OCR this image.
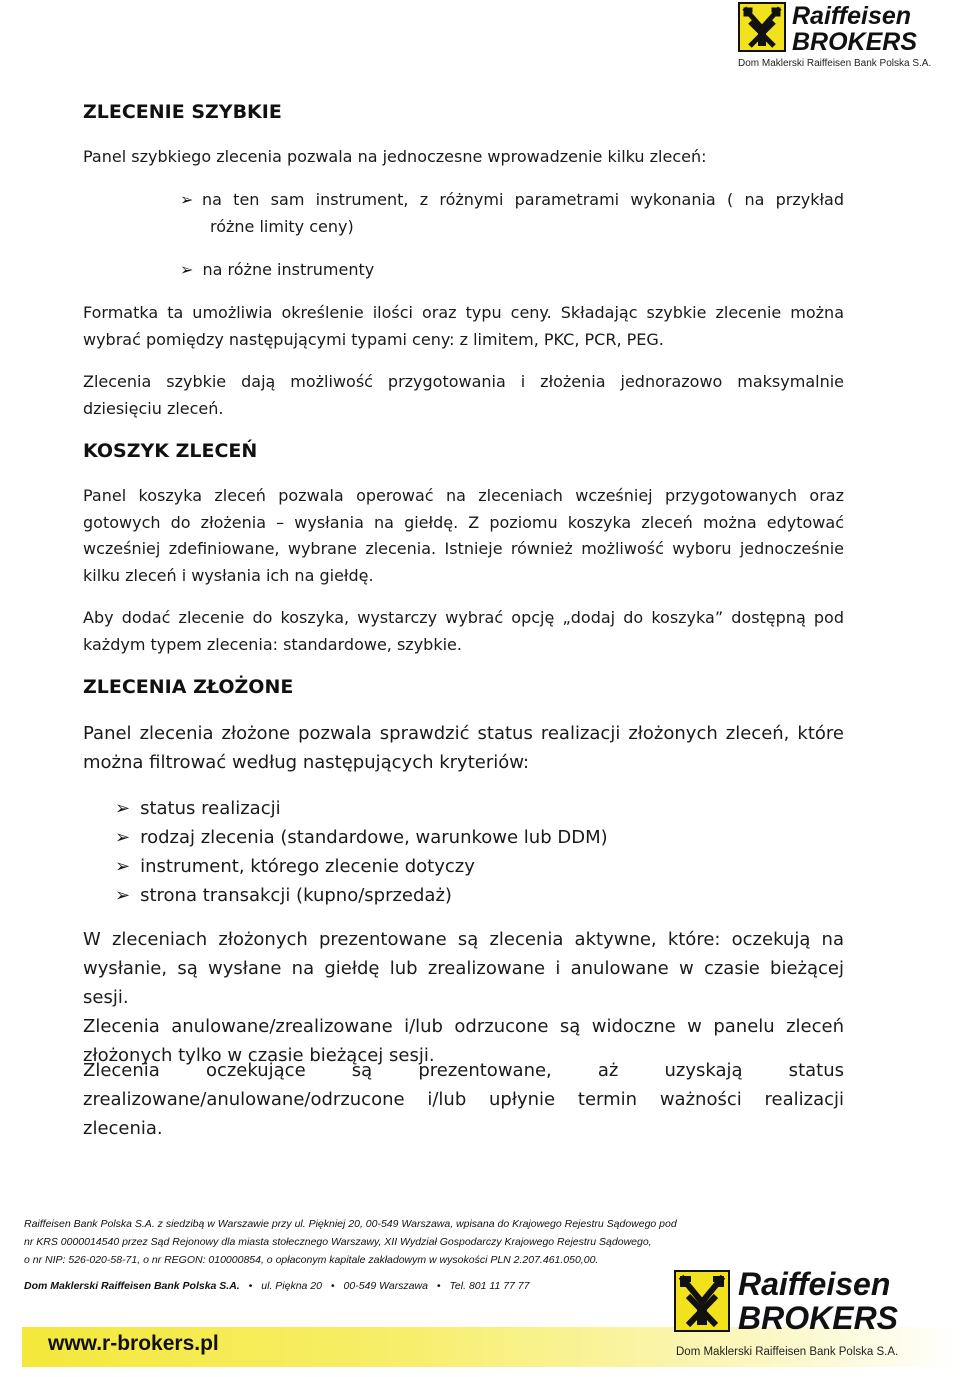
Raiffeisen
BROKERS
Dom Maklerski Raiffeisen Bank Polska S.A.
ZLECENIE SZYBKIE
Panel szybkiego zlecenia pozwala na jednoczesne wprowadzenie kilku zleceń:
➢ na ten sam instrument, z różnymi parametrami wykonania ( na przykład
różne limity ceny)
➢ na różne instrumenty
Formatka ta umożliwia określenie ilości oraz typu ceny. Składając szybkie zlecenie można
wybrać pomiędzy następującymi typami ceny: z limitem, PKC, PCR, PEG.
Zlecenia szybkie dają możliwość przygotowania i złożenia jednorazowo maksymalnie
dziesięciu zleceń.
KOSZYK ZLECEŃ
Panel koszyka zleceń pozwala operować na zleceniach wcześniej przygotowanych oraz
gotowych do złożenia – wysłania na giełdę. Z poziomu koszyka zleceń można edytować
wcześniej zdefiniowane, wybrane zlecenia. Istnieje również możliwość wyboru jednocześnie
kilku zleceń i wysłania ich na giełdę.
Aby dodać zlecenie do koszyka, wystarczy wybrać opcję „dodaj do koszyka” dostępną pod
każdym typem zlecenia: standardowe, szybkie.
ZLECENIA ZŁOŻONE
Panel zlecenia złożone pozwala sprawdzić status realizacji złożonych zleceń, które
można filtrować według następujących kryteriów:
➢ status realizacji
➢ rodzaj zlecenia (standardowe, warunkowe lub DDM)
➢ instrument, którego zlecenie dotyczy
➢ strona transakcji (kupno/sprzedaż)
W zleceniach złożonych prezentowane są zlecenia aktywne, które: oczekują na
wysłanie, są wysłane na giełdę lub zrealizowane i anulowane w czasie bieżącej sesji.
Zlecenia anulowane/zrealizowane i/lub odrzucone są widoczne w panelu zleceń
złożonych tylko w czasie bieżącej sesji.
Zlecenia oczekujące są prezentowane, aż uzyskają status
zrealizowane/anulowane/odrzucone i/lub upłynie termin ważności realizacji
zlecenia.
Raiffeisen Bank Polska S.A. z siedzibą w Warszawie przy ul. Piękniej 20, 00-549 Warszawa, wpisana do Krajowego Rejestru Sądowego pod
nr KRS 0000014540 przez Sąd Rejonowy dla miasta stołecznego Warszawy, XII Wydział Gospodarczy Krajowego Rejestru Sądowego,
o nr NIP: 526-020-58-71, o nr REGON: 010000854, o opłaconym kapitale zakładowym w wysokości PLN 2.207.461.050,00.
Dom Maklerski Raiffeisen Bank Polska S.A. • ul. Piękna 20 • 00-549 Warszawa • Tel. 801 11 77 77
www.r-brokers.pl
Raiffeisen
BROKERS
Dom Maklerski Raiffeisen Bank Polska S.A.
